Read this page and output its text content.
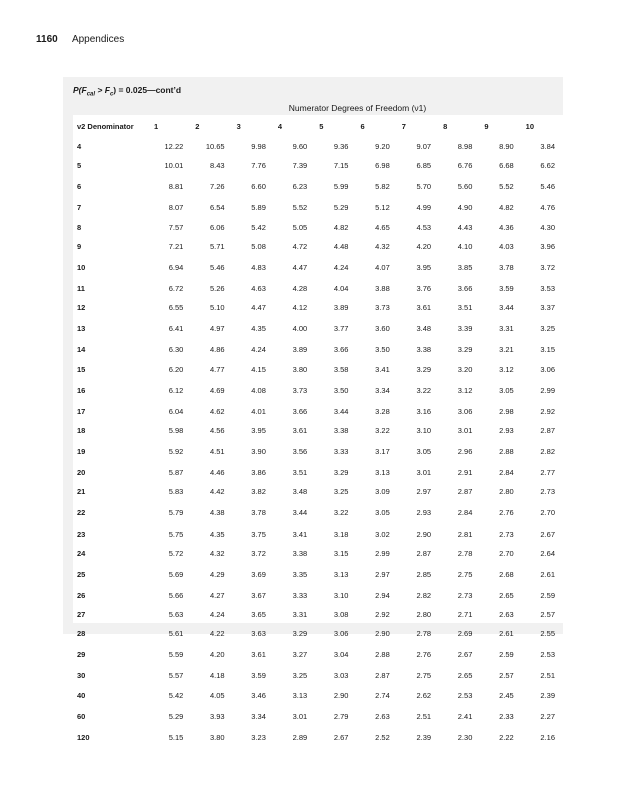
1160 Appendices
$P(F_{cal} > F_c)$ = 0.025—cont’d
Numerator Degrees of Freedom (ν1)
ν2 Denominator	1	2	3	4	5	6	7	8	9	10
4	12.22	10.65	9.98	9.60	9.36	9.20	9.07	8.98	8.90	3.84
5	10.01	8.43	7.76	7.39	7.15	6.98	6.85	6.76	6.68	6.62
6	8.81	7.26	6.60	6.23	5.99	5.82	5.70	5.60	5.52	5.46
7	8.07	6.54	5.89	5.52	5.29	5.12	4.99	4.90	4.82	4.76
8	7.57	6.06	5.42	5.05	4.82	4.65	4.53	4.43	4.36	4.30
9	7.21	5.71	5.08	4.72	4.48	4.32	4.20	4.10	4.03	3.96
10	6.94	5.46	4.83	4.47	4.24	4.07	3.95	3.85	3.78	3.72
11	6.72	5.26	4.63	4.28	4.04	3.88	3.76	3.66	3.59	3.53
12	6.55	5.10	4.47	4.12	3.89	3.73	3.61	3.51	3.44	3.37
13	6.41	4.97	4.35	4.00	3.77	3.60	3.48	3.39	3.31	3.25
14	6.30	4.86	4.24	3.89	3.66	3.50	3.38	3.29	3.21	3.15
15	6.20	4.77	4.15	3.80	3.58	3.41	3.29	3.20	3.12	3.06
16	6.12	4.69	4.08	3.73	3.50	3.34	3.22	3.12	3.05	2.99
17	6.04	4.62	4.01	3.66	3.44	3.28	3.16	3.06	2.98	2.92
18	5.98	4.56	3.95	3.61	3.38	3.22	3.10	3.01	2.93	2.87
19	5.92	4.51	3.90	3.56	3.33	3.17	3.05	2.96	2.88	2.82
20	5.87	4.46	3.86	3.51	3.29	3.13	3.01	2.91	2.84	2.77
21	5.83	4.42	3.82	3.48	3.25	3.09	2.97	2.87	2.80	2.73
22	5.79	4.38	3.78	3.44	3.22	3.05	2.93	2.84	2.76	2.70
23	5.75	4.35	3.75	3.41	3.18	3.02	2.90	2.81	2.73	2.67
24	5.72	4.32	3.72	3.38	3.15	2.99	2.87	2.78	2.70	2.64
25	5.69	4.29	3.69	3.35	3.13	2.97	2.85	2.75	2.68	2.61
26	5.66	4.27	3.67	3.33	3.10	2.94	2.82	2.73	2.65	2.59
27	5.63	4.24	3.65	3.31	3.08	2.92	2.80	2.71	2.63	2.57
28	5.61	4.22	3.63	3.29	3.06	2.90	2.78	2.69	2.61	2.55
29	5.59	4.20	3.61	3.27	3.04	2.88	2.76	2.67	2.59	2.53
30	5.57	4.18	3.59	3.25	3.03	2.87	2.75	2.65	2.57	2.51
40	5.42	4.05	3.46	3.13	2.90	2.74	2.62	2.53	2.45	2.39
60	5.29	3.93	3.34	3.01	2.79	2.63	2.51	2.41	2.33	2.27
120	5.15	3.80	3.23	2.89	2.67	2.52	2.39	2.30	2.22	2.16
